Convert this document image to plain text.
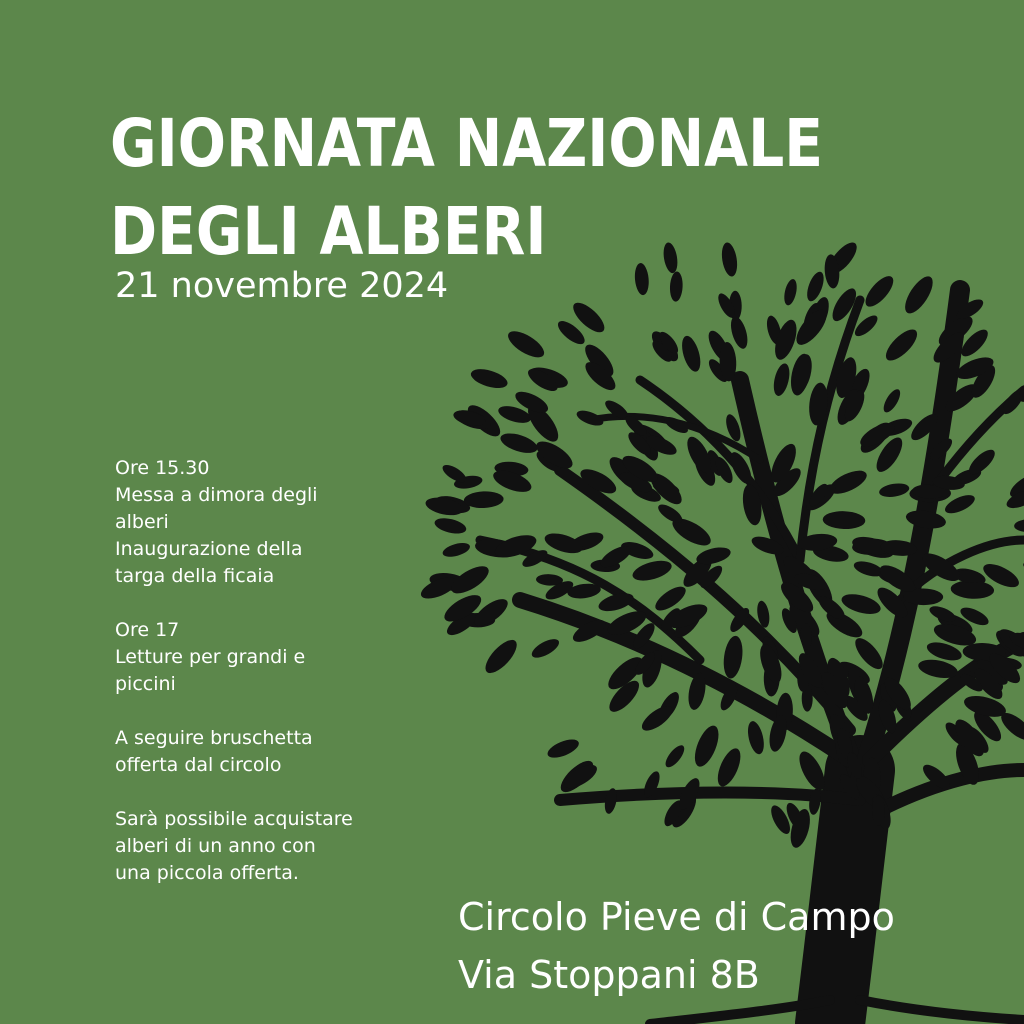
GIORNATA NAZIONALE
DEGLI ALBERI
21 novembre 2024
Ore 15.30
Messa a dimora degli
alberi
Inaugurazione della
targa della ficaia
Ore 17
Letture per grandi e
piccini
A seguire bruschetta
offerta dal circolo
Sarà possibile acquistare
alberi di un anno con
una piccola offerta.
Circolo Pieve di Campo
Via Stoppani 8B
